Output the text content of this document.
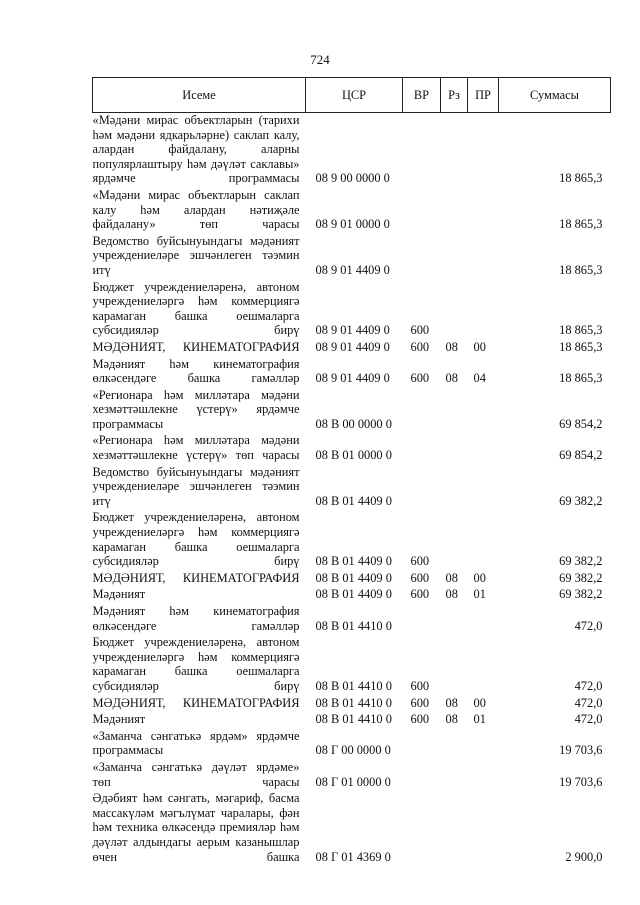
724
Исеме	ЦСР	ВР	Рз	ПР	Суммасы
«Мәдәни мирас объектларын (тарихи һәм мәдәни ядкарьләрне) саклап калу, алардан файдалану, аларны популярлаштыру һәм дәүләт саклавы» ярдәмче программасы	08 9 00 0000 0				18 865,3
«Мәдәни мирас объектларын саклап калу һәм алардан нәтиҗәле файдалану» төп чарасы	08 9 01 0000 0				18 865,3
Ведомство буйсынуындагы мәдәният учреждениеләре эшчәнлеген тәэмин итү	08 9 01 4409 0				18 865,3
Бюджет учреждениеләренә, автоном учреждениеләргә һәм коммерциягә карамаган башка оешмаларга субсидияләр бирү	08 9 01 4409 0	600			18 865,3
МӘДӘНИЯТ, КИНЕМАТОГРАФИЯ	08 9 01 4409 0	600	08	00	18 865,3
Мәдәният һәм кинематография өлкәсендәге башка гамәлләр	08 9 01 4409 0	600	08	04	18 865,3
«Регионара һәм милләтара мәдәни хезмәттәшлекне үстерү» ярдәмче программасы	08 В 00 0000 0				69 854,2
«Регионара һәм милләтара мәдәни хезмәттәшлекне үстерү» төп чарасы	08 В 01 0000 0				69 854,2
Ведомство буйсынуындагы мәдәният учреждениеләре эшчәнлеген тәэмин итү	08 В 01 4409 0				69 382,2
Бюджет учреждениеләренә, автоном учреждениеләргә һәм коммерциягә карамаган башка оешмаларга субсидияләр бирү	08 В 01 4409 0	600			69 382,2
МӘДӘНИЯТ, КИНЕМАТОГРАФИЯ	08 В 01 4409 0	600	08	00	69 382,2
Мәдәният	08 В 01 4409 0	600	08	01	69 382,2
Мәдәният һәм кинематография өлкәсендәге гамәлләр	08 В 01 4410 0				472,0
Бюджет учреждениеләренә, автоном учреждениеләргә һәм коммерциягә карамаган башка оешмаларга субсидияләр бирү	08 В 01 4410 0	600			472,0
МӘДӘНИЯТ, КИНЕМАТОГРАФИЯ	08 В 01 4410 0	600	08	00	472,0
Мәдәният	08 В 01 4410 0	600	08	01	472,0
«Заманча сәнгатькә ярдәм» ярдәмче программасы	08 Г 00 0000 0				19 703,6
«Заманча сәнгатькә дәүләт ярдәме» төп чарасы	08 Г 01 0000 0				19 703,6
Әдәбият һәм сәнгать, мәгариф, басма массакүләм мәгълүмат чаралары, фән һәм техника өлкәсендә премияләр һәм дәүләт алдындагы аерым казанышлар өчен башка	08 Г 01 4369 0				2 900,0
